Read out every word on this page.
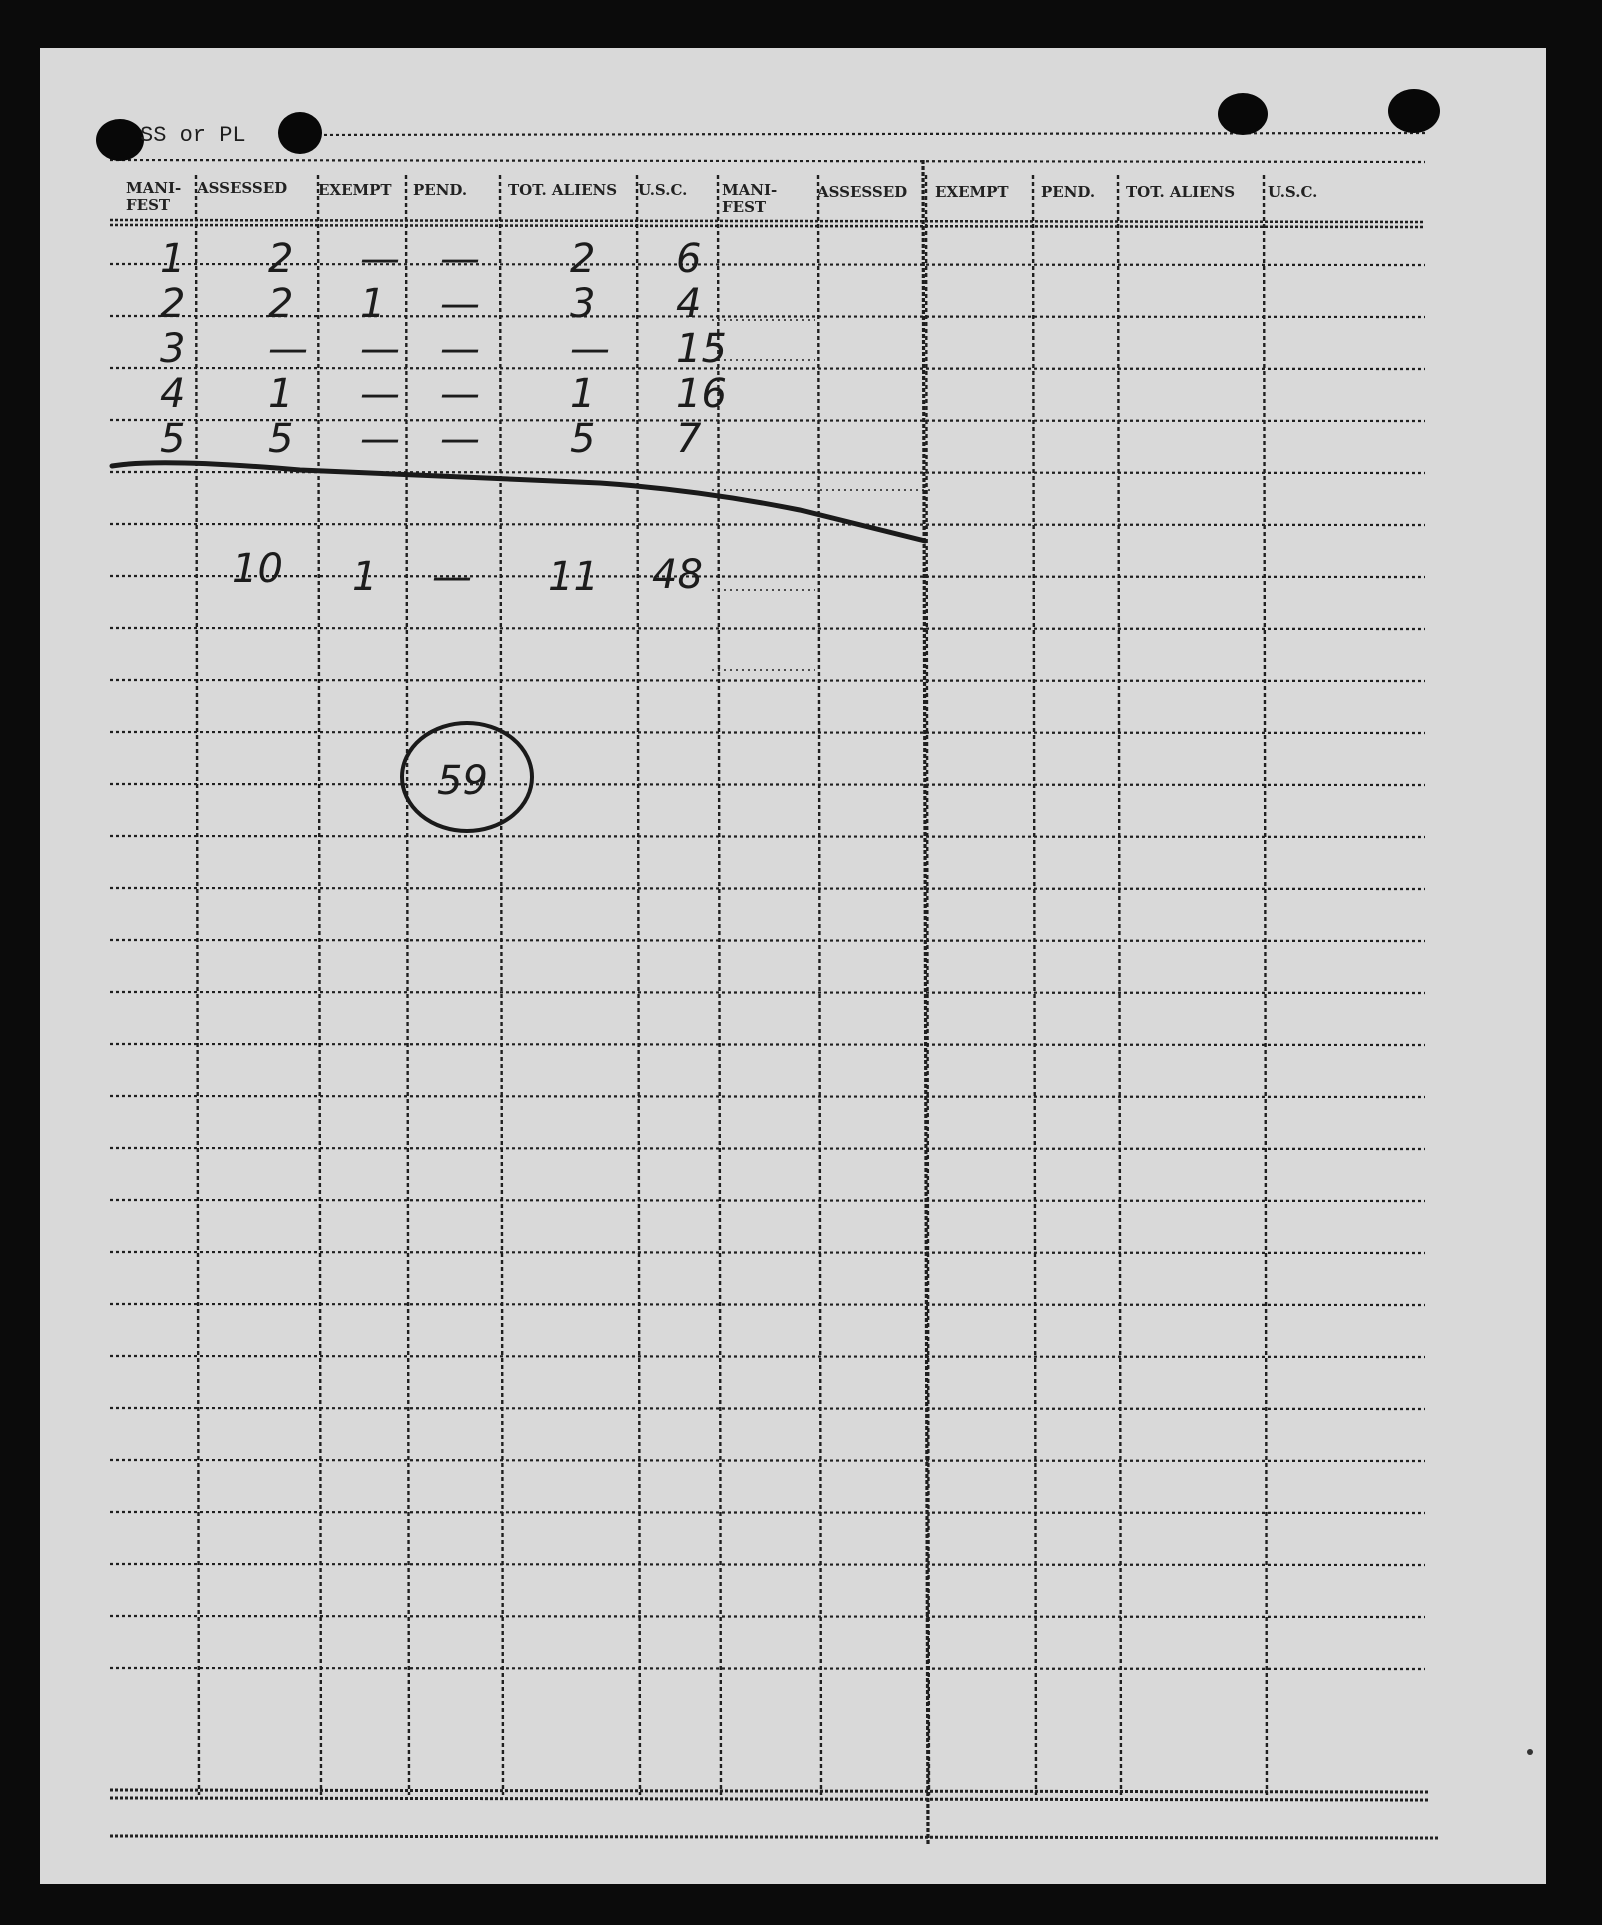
SS or PL
MANI-FEST
ASSESSED EXEMPT PEND.	TOT. ALIENS U.S.C. MANI-FEST
ASSESSED EXEMPT PEND. TOT. ALIENS U.S.C.
1 2 — — 2 6
2 2 1 — 3 4
3 — — — — 15
4 1 — — 1 16
5 5 — — 5 7
10 1 — 11 48
59
